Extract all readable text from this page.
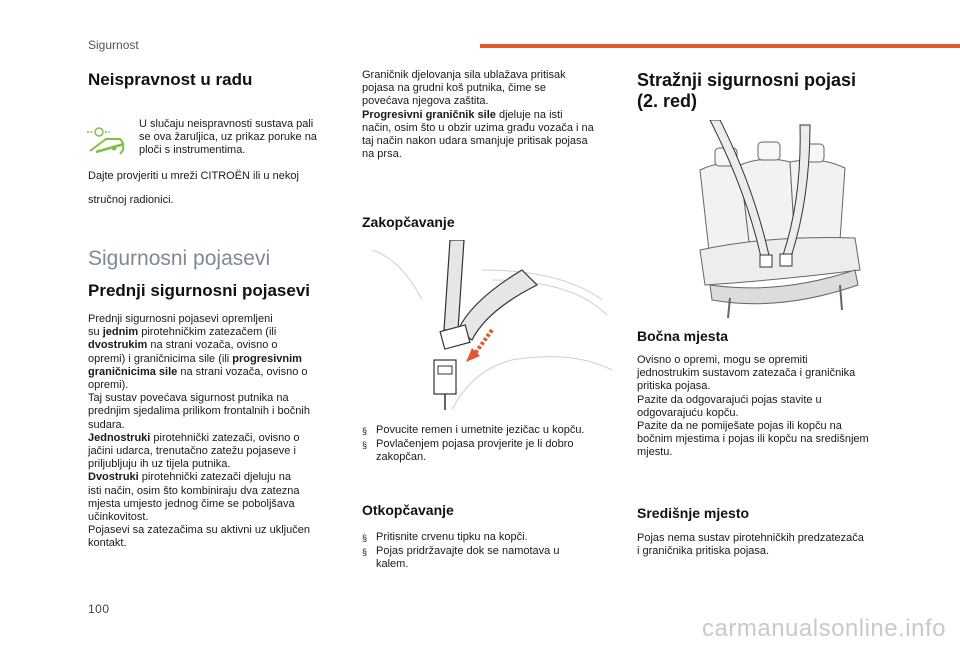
Sigurnost
Neispravnost u radu
U slučaju neispravnosti sustava pali
se ova žaruljica, uz prikaz poruke na
ploči s instrumentima.
Dajte provjeriti u mreži CITROËN ili u nekoj
stručnoj radionici.
Sigurnosni pojasevi
Prednji sigurnosni pojasevi
Prednji sigurnosni pojasevi opremljeni
su jednim pirotehničkim zatezačem (ili
dvostrukim na strani vozača, ovisno o
opremi) i graničnicima sile (ili progresivnim
graničnicima sile na strani vozača, ovisno o
opremi).
Taj sustav povećava sigurnost putnika na
prednjim sjedalima prilikom frontalnih i bočnih
sudara.
Jednostruki pirotehnički zatezači, ovisno o
jačini udarca, trenutačno zatežu pojaseve i
priljubljuju ih uz tijela putnika.
Dvostruki pirotehnički zatezači djeluju na
isti način, osim što kombiniraju dva zatezna
mjesta umjesto jednog čime se poboljšava
učinkovitost.
Pojasevi sa zatezačima su aktivni uz uključen
kontakt.
Graničnik djelovanja sila ublažava pritisak
pojasa na grudni koš putnika, čime se
povećava njegova zaštita.
Progresivni graničnik sile djeluje na isti
način, osim što u obzir uzima građu vozača i na
taj način nakon udara smanjuje pritisak pojasa
na prsa.
Zakopčavanje
§ Povucite remen i umetnite jezičac u kopču.
§ Povlačenjem pojasa provjerite je li dobro
zakopčan.
Otkopčavanje
§ Pritisnite crvenu tipku na kopči.
§ Pojas pridržavajte dok se namotava u
kalem.
Stražnji sigurnosni pojasi
(2. red)
Bočna mjesta
Ovisno o opremi, mogu se opremiti
jednostrukim sustavom zatezača i graničnika
pritiska pojasa.
Pazite da odgovarajući pojas stavite u
odgovarajuću kopču.
Pazite da ne pomiješate pojas ili kopču na
bočnim mjestima i pojas ili kopču na središnjem
mjestu.
Središnje mjesto
Pojas nema sustav pirotehničkih predzatezača
i graničnika pritiska pojasa.
100
carmanualsonline.info
